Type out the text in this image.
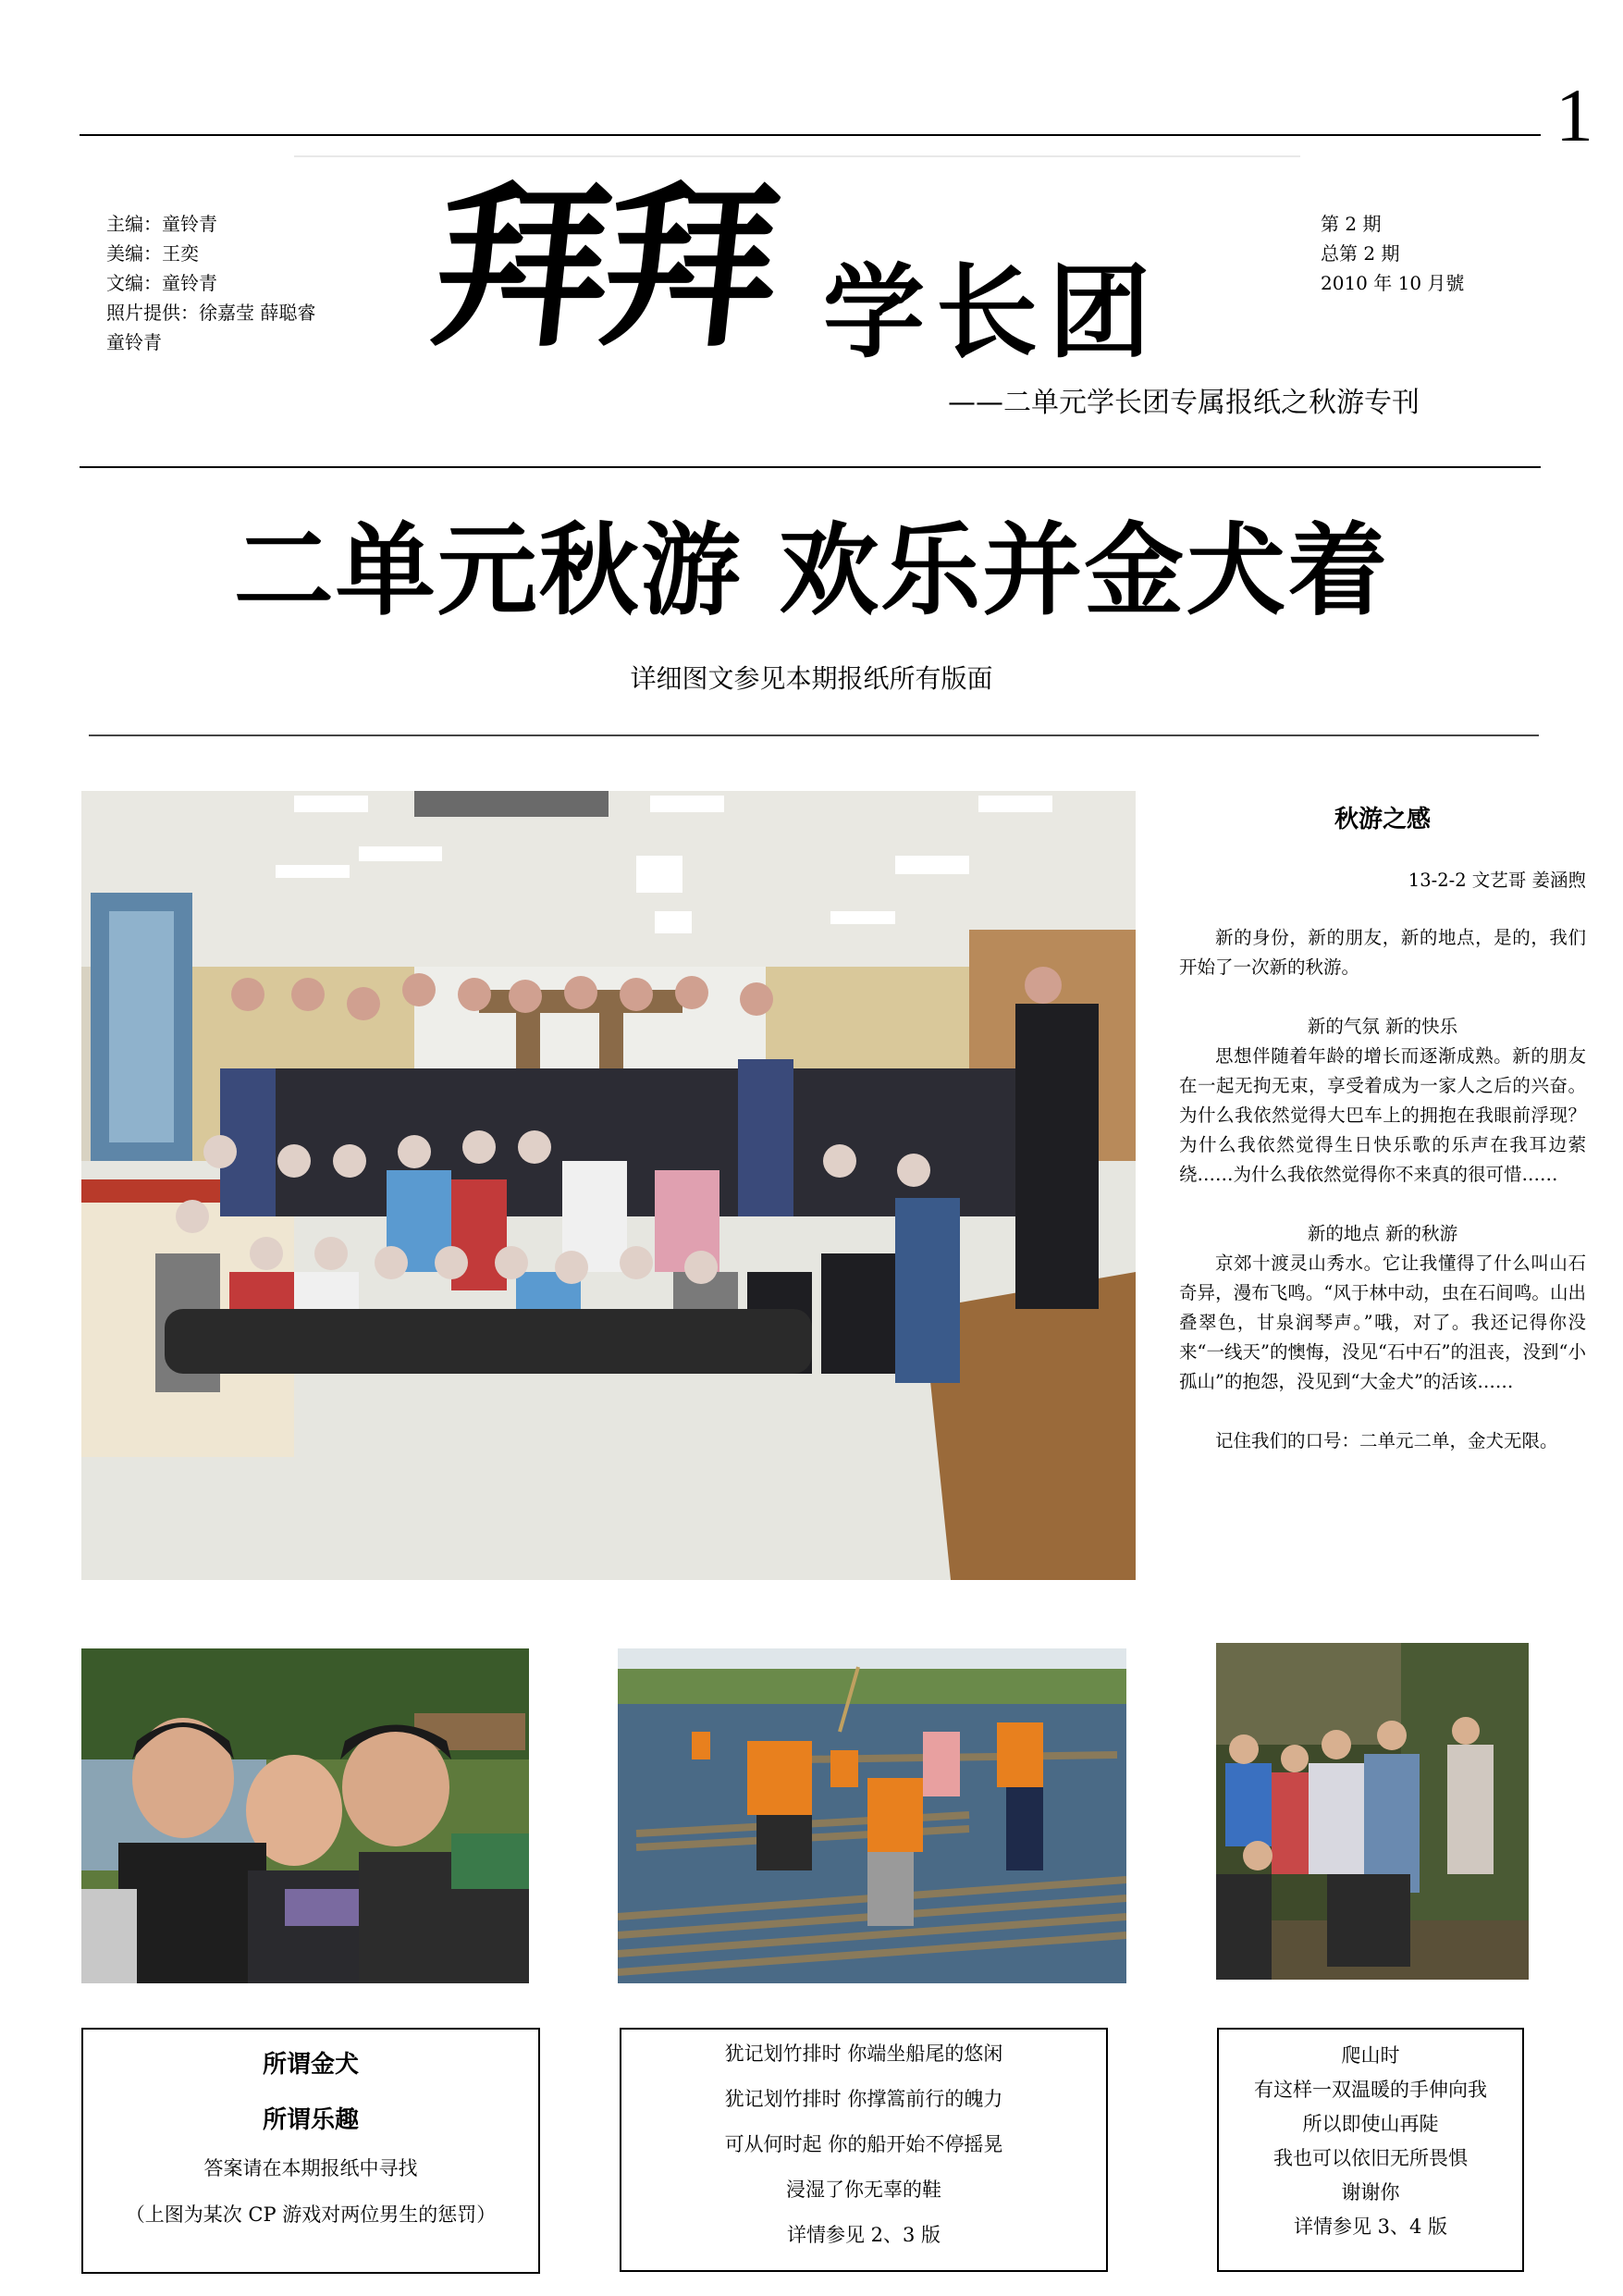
1
主编：童铃青
美编：王奕
文编：童铃青
照片提供：徐嘉莹 薛聪睿
童铃青	拜拜 学长团
第 2 期
总第 2 期
2010 年 10 月號
——二单元学长团专属报纸之秋游专刊
二单元秋游 欢乐并金犬着
详细图文参见本期报纸所有版面
秋游之感
13-2-2 文艺哥 姜涵煦

新的身份，新的朋友，新的地点，是的，我们开始了一次新的秋游。

新的气氛 新的快乐

思想伴随着年龄的增长而逐渐成熟。新的朋友在一起无拘无束，享受着成为一家人之后的兴奋。为什么我依然觉得大巴车上的拥抱在我眼前浮现？为什么我依然觉得生日快乐歌的乐声在我耳边萦绕……为什么我依然觉得你不来真的很可惜……

新的地点 新的秋游

京郊十渡灵山秀水。它让我懂得了什么叫山石奇异，漫布飞鸣。“风于林中动，虫在石间鸣。山出叠翠色，甘泉润琴声。”哦，对了。我还记得你没来“一线天”的懊悔，没见“石中石”的沮丧，没到“小孤山”的抱怨，没见到“大金犬”的活该……

记住我们的口号：二单元二单，金犬无限。

所谓金犬
所谓乐趣
答案请在本期报纸中寻找
（上图为某次 CP 游戏对两位男生的惩罚）
犹记划竹排时 你端坐船尾的悠闲
犹记划竹排时 你撑篙前行的魄力
可从何时起 你的船开始不停摇晃
浸湿了你无辜的鞋
详情参见 2、3 版
爬山时
有这样一双温暖的手伸向我
所以即使山再陡
我也可以依旧无所畏惧
谢谢你
详情参见 3、4 版
